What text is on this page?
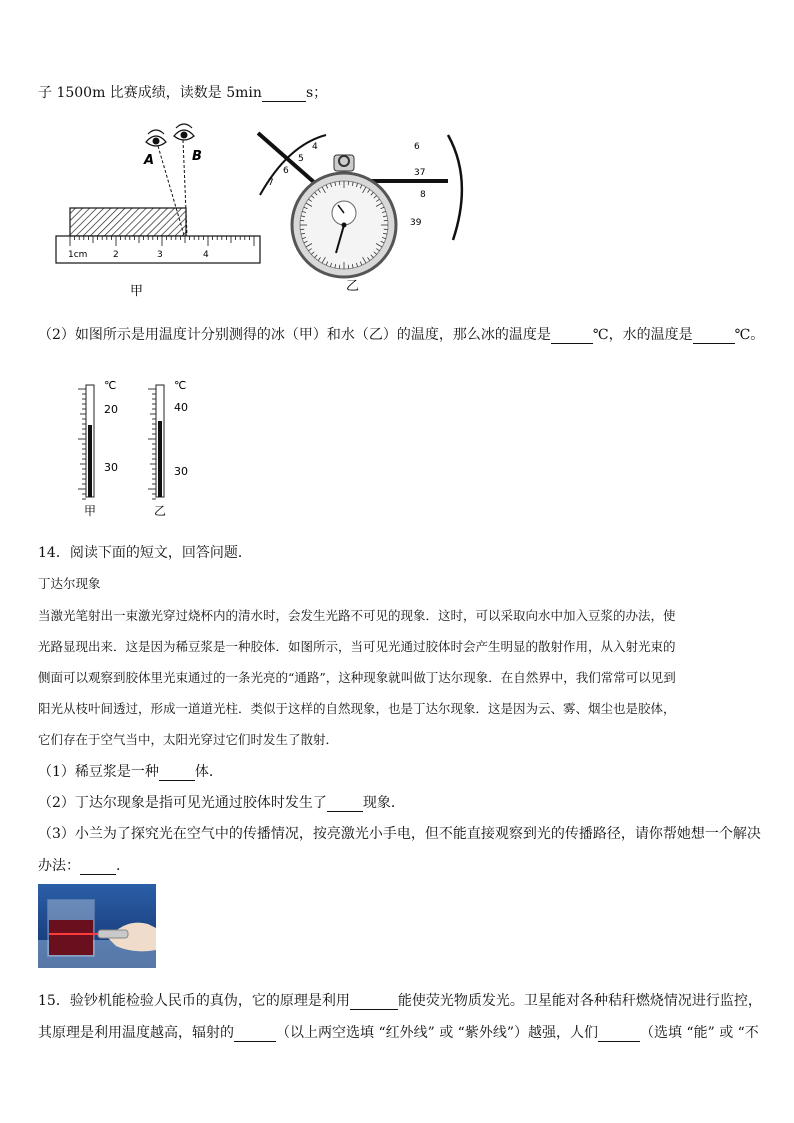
子 1500m 比赛成绩，读数是 5min	s；
A	B
1cm	2	3	4
甲
7
6
5
4	6
37
8
39
乙
（2）如图所示是用温度计分别测得的冰（甲）和水（乙）的温度，那么冰的温度是	℃，水的温度是	℃。
℃
20
30
甲
℃
40
30
乙
14．阅读下面的短文，回答问题．
丁达尔现象
当激光笔射出一束激光穿过烧杯内的清水时，会发生光路不可见的现象．这时，可以采取向水中加入豆浆的办法，使
光路显现出来．这是因为稀豆浆是一种胶体．如图所示，当可见光通过胶体时会产生明显的散射作用，从入射光束的
侧面可以观察到胶体里光束通过的一条光亮的“通路”，这种现象就叫做丁达尔现象．在自然界中，我们常常可以见到
阳光从枝叶间透过，形成一道道光柱．类似于这样的自然现象，也是丁达尔现象．这是因为云、雾、烟尘也是胶体，
它们存在于空气当中，太阳光穿过它们时发生了散射．
（1）稀豆浆是一种	体．
（2）丁达尔现象是指可见光通过胶体时发生了	现象．
（3）小兰为了探究光在空气中的传播情况，按亮激光小手电，但不能直接观察到光的传播路径，请你帮她想一个解决
办法：	.
15．验钞机能检验人民币的真伪，它的原理是利用	能使荧光物质发光。卫星能对各种秸秆燃烧情况进行监控，
其原理是利用温度越高，辐射的	（以上两空选填 “红外线” 或 “紫外线”）越强，人们	（选填 “能” 或 “不
